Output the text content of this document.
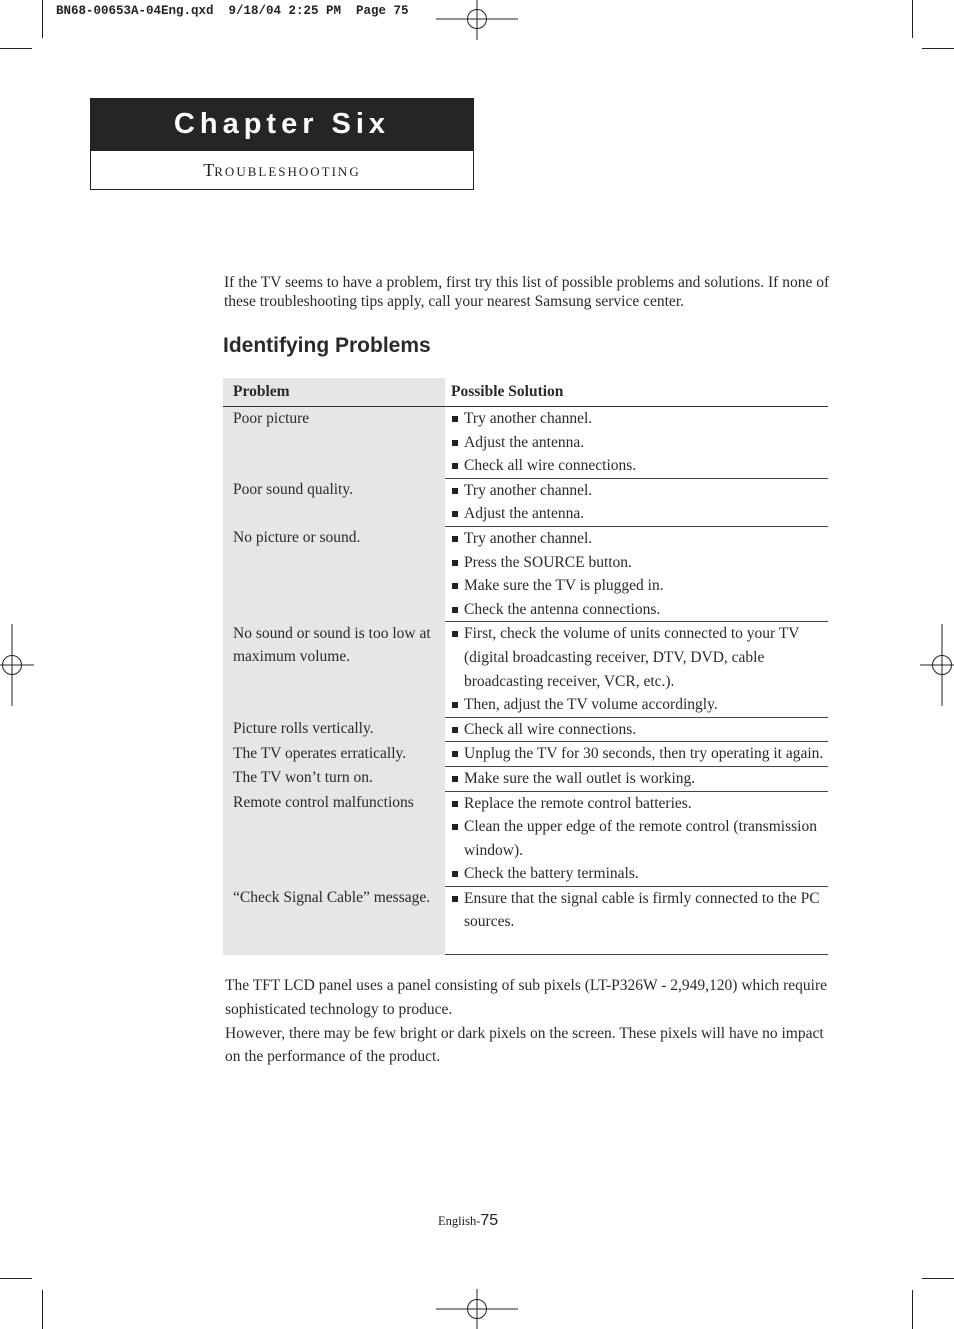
BN68-00653A-04Eng.qxd  9/18/04 2:25 PM  Page 75
Chapter Six
TROUBLESHOOTING
If the TV seems to have a problem, first try this list of possible problems and solutions. If none of these troubleshooting tips apply, call your nearest Samsung service center.
Identifying Problems
Problem	Possible Solution
Poor picture	Try another channel.
Adjust the antenna.
Check all wire connections.

Poor sound quality.	Try another channel.
Adjust the antenna.

No picture or sound.	Try another channel.
Press the SOURCE button.
Make sure the TV is plugged in.
Check the antenna connections.

No sound or sound is too low at maximum volume.	First, check the volume of units connected to your TV (digital broadcasting receiver, DTV, DVD, cable broadcasting receiver, VCR, etc.).
Then, adjust the TV volume accordingly.

Picture rolls vertically.	Check all wire connections.

The TV operates erratically.	Unplug the TV for 30 seconds, then try operating it again.

The TV won’t turn on.	Make sure the wall outlet is working.

Remote control malfunctions	Replace the remote control batteries.
Clean the upper edge of the remote control (transmission window).
Check the battery terminals.

“Check Signal Cable” message.	Ensure that the signal cable is firmly connected to the PC sources.
The TFT LCD panel uses a panel consisting of sub pixels (LT-P326W - 2,949,120) which require sophisticated technology to produce.
However, there may be few bright or dark pixels on the screen. These pixels will have no impact on the performance of the product.
English-75
